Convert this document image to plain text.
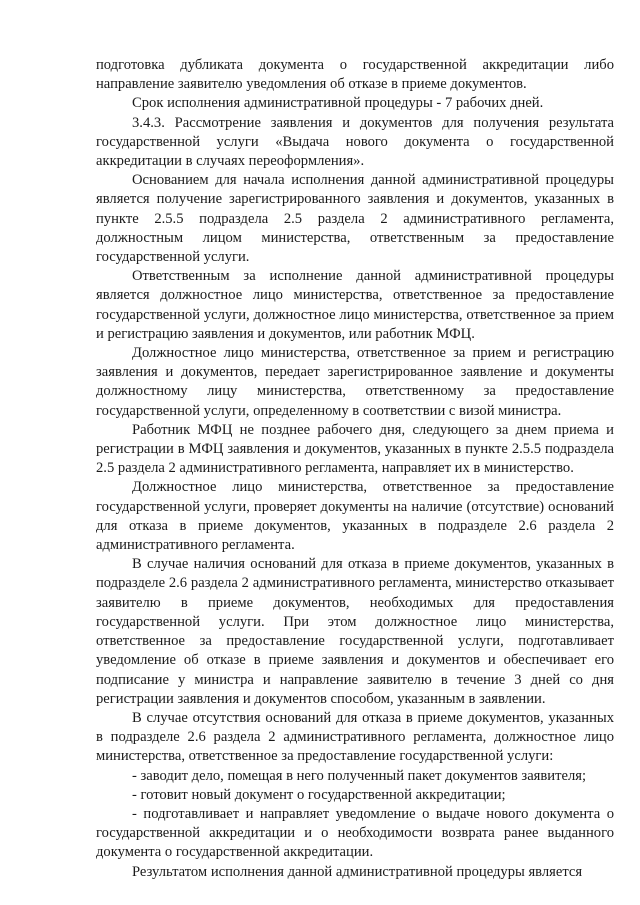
подготовка дубликата документа о государственной аккредитации либо направление заявителю уведомления об отказе в приеме документов.

Срок исполнения административной процедуры - 7 рабочих дней.

3.4.3. Рассмотрение заявления и документов для получения результата государственной услуги «Выдача нового документа о государственной аккредитации в случаях переоформления».

Основанием для начала исполнения данной административной процедуры является получение зарегистрированного заявления и документов, указанных в пункте 2.5.5 подраздела 2.5 раздела 2 административного регламента, должностным лицом министерства, ответственным за предоставление государственной услуги.

Ответственным за исполнение данной административной процедуры является должностное лицо министерства, ответственное за предоставление государственной услуги, должностное лицо министерства, ответственное за прием и регистрацию заявления и документов, или работник МФЦ.

Должностное лицо министерства, ответственное за прием и регистрацию заявления и документов, передает зарегистрированное заявление и документы должностному лицу министерства, ответственному за предоставление государственной услуги, определенному в соответствии с визой министра.

Работник МФЦ не позднее рабочего дня, следующего за днем приема и регистрации в МФЦ заявления и документов, указанных в пункте 2.5.5 подраздела 2.5 раздела 2 административного регламента, направляет их в министерство.

Должностное лицо министерства, ответственное за предоставление государственной услуги, проверяет документы на наличие (отсутствие) оснований для отказа в приеме документов, указанных в подразделе 2.6 раздела 2 административного регламента.

В случае наличия оснований для отказа в приеме документов, указанных в подразделе 2.6 раздела 2 административного регламента, министерство отказывает заявителю в приеме документов, необходимых для предоставления государственной услуги. При этом должностное лицо министерства, ответственное за предоставление государственной услуги, подготавливает уведомление об отказе в приеме заявления и документов и обеспечивает его подписание у министра и направление заявителю в течение 3 дней со дня регистрации заявления и документов способом, указанным в заявлении.

В случае отсутствия оснований для отказа в приеме документов, указанных в подразделе 2.6 раздела 2 административного регламента, должностное лицо министерства, ответственное за предоставление государственной услуги:

- заводит дело, помещая в него полученный пакет документов заявителя;

- готовит новый документ о государственной аккредитации;

- подготавливает и направляет уведомление о выдаче нового документа о государственной аккредитации и о необходимости возврата ранее выданного документа о государственной аккредитации.

Результатом исполнения данной административной процедуры является
